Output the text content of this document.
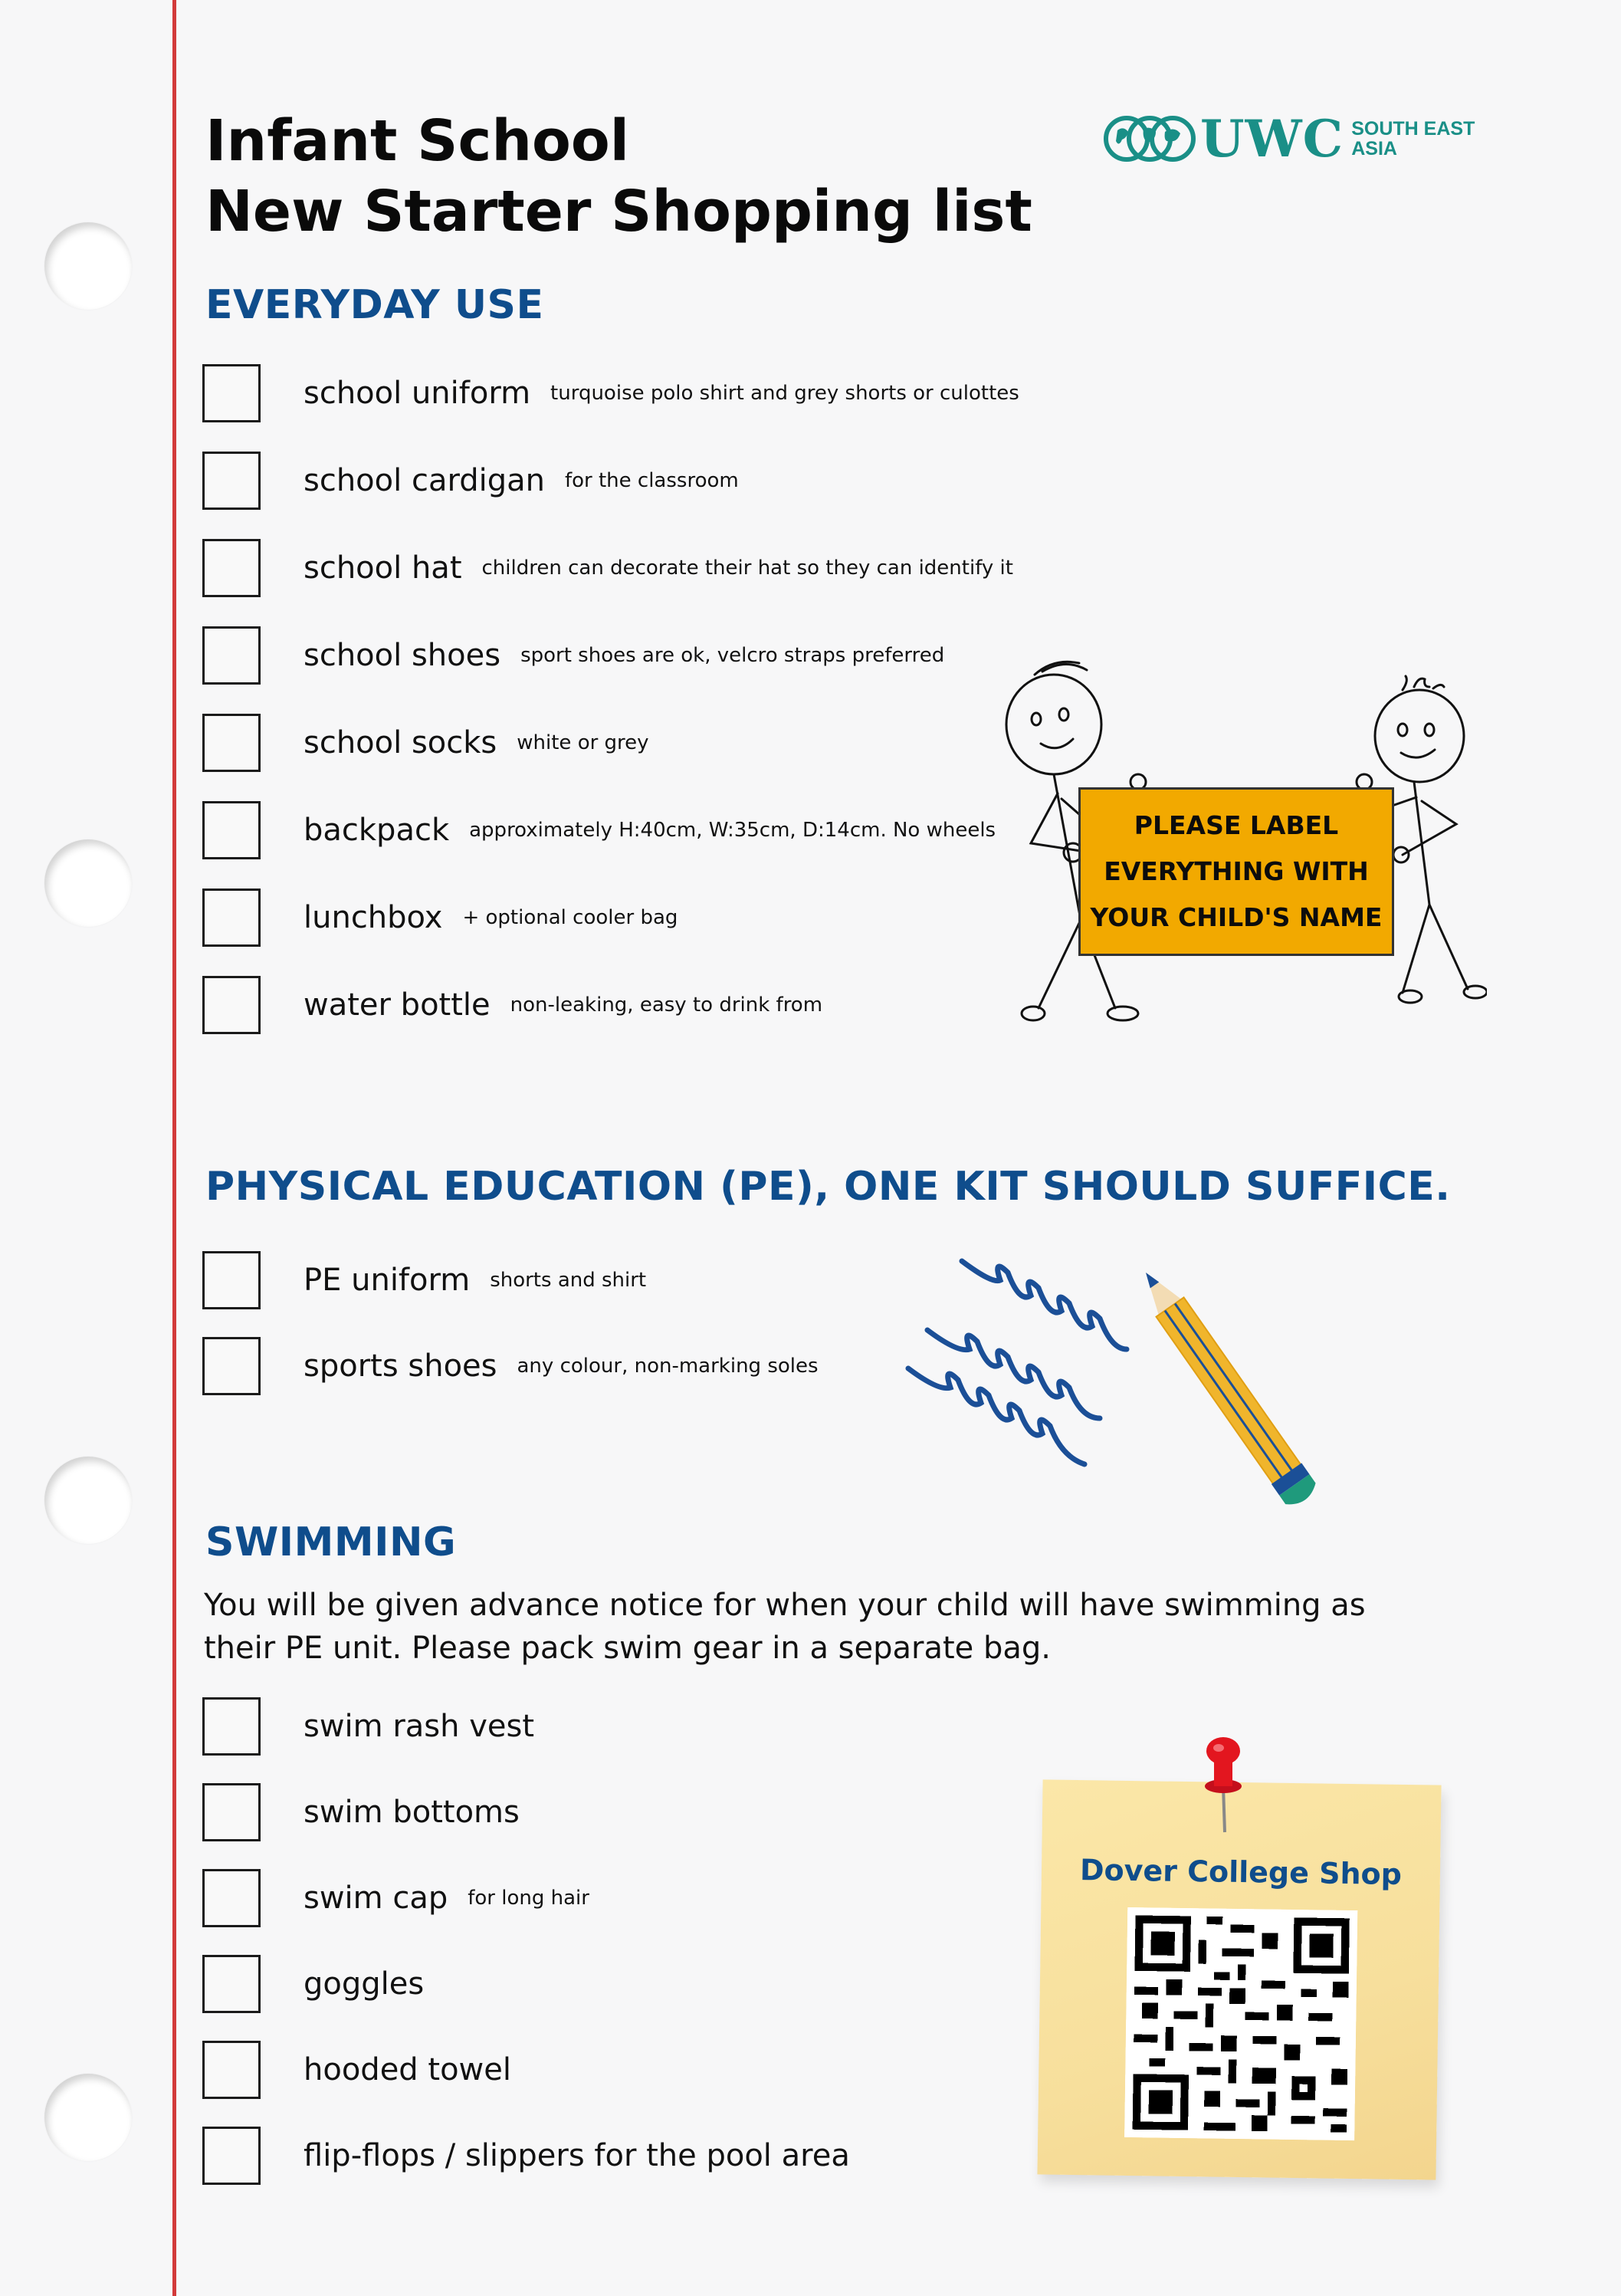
Infant School
New Starter Shopping list
UWC SOUTH EAST
ASIA
EVERYDAY USE
school uniform turquoise polo shirt and grey shorts or culottes
school cardigan for the classroom
school hat children can decorate their hat so they can identify it
school shoes sport shoes are ok, velcro straps preferred
school socks white or grey
backpack approximately H:40cm, W:35cm, D:14cm. No wheels
lunchbox + optional cooler bag
water bottle non-leaking, easy to drink from
PLEASE LABEL
EVERYTHING WITH
YOUR CHILD'S NAME
PHYSICAL EDUCATION (PE), ONE KIT SHOULD SUFFICE.
PE uniform shorts and shirt
sports shoes any colour, non-marking soles
SWIMMING
You will be given advance notice for when your child will have swimming as their PE unit. Please pack swim gear in a separate bag.
swim rash vest
swim bottoms
swim cap for long hair
goggles
hooded towel
flip-flops / slippers for the pool area
Dover College Shop
